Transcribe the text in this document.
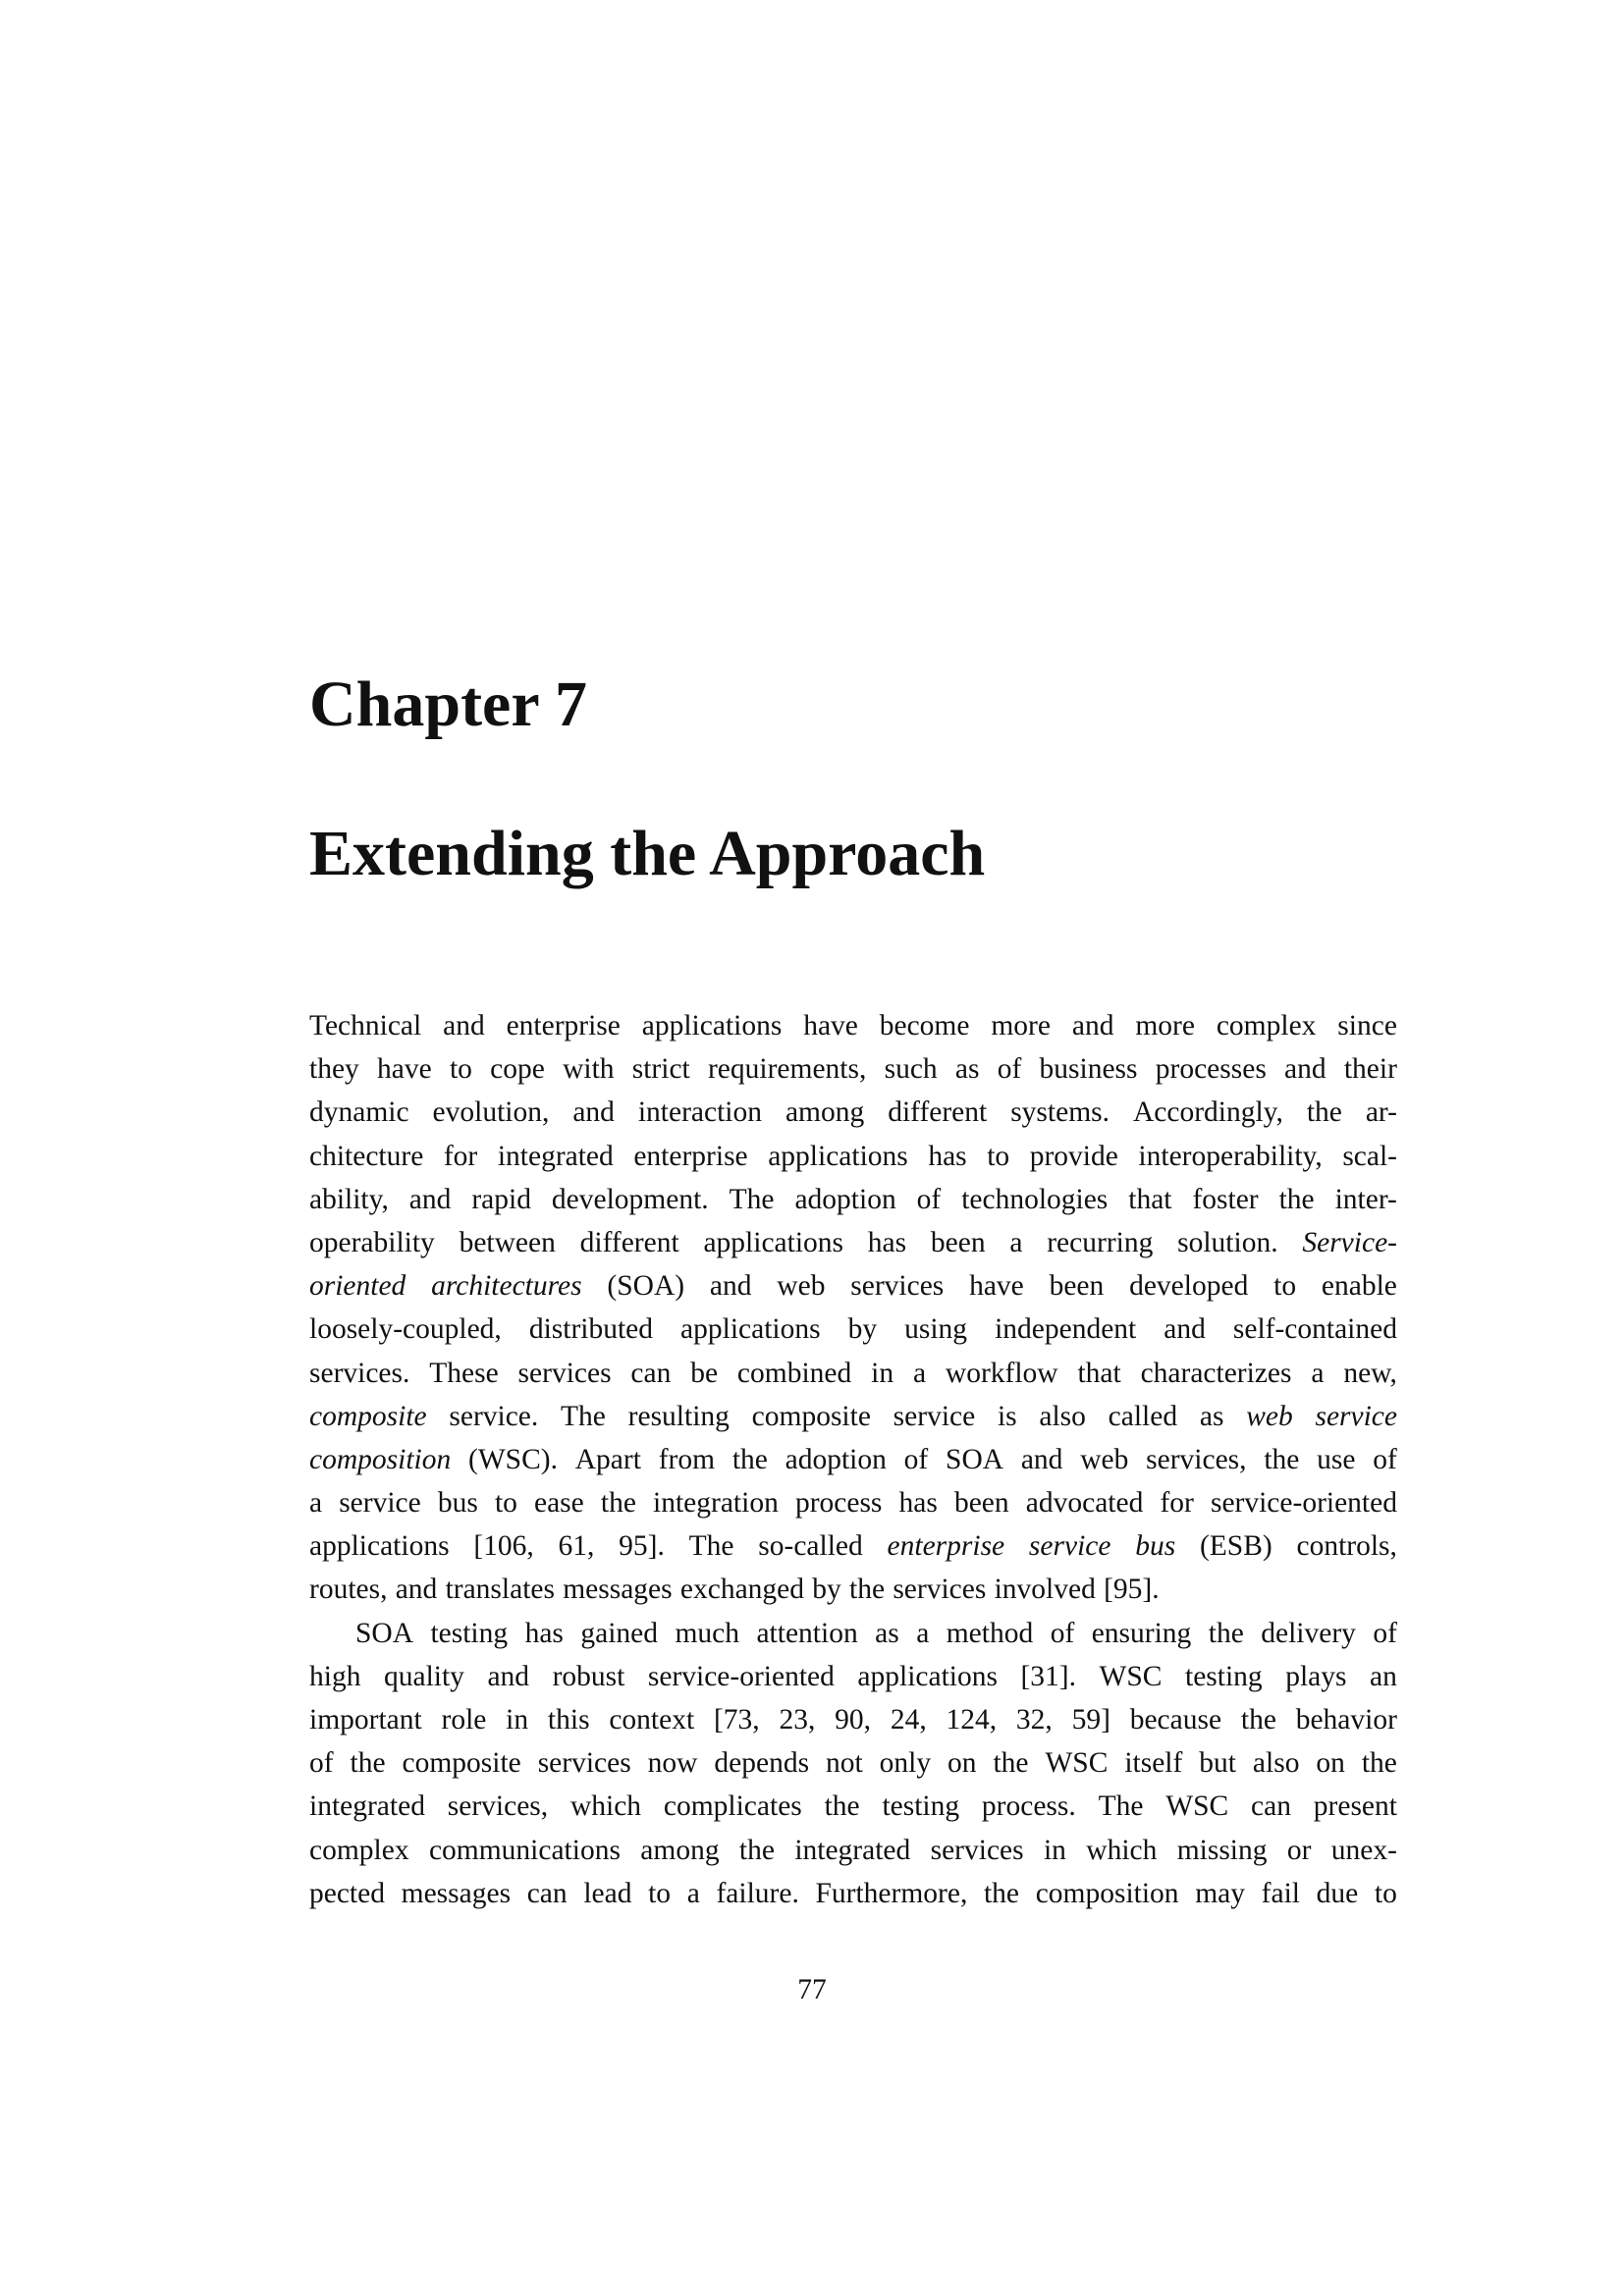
Chapter 7
Extending the Approach
Technical and enterprise applications have become more and more complex since
they have to cope with strict requirements, such as of business processes and their
dynamic evolution, and interaction among different systems. Accordingly, the ar-
chitecture for integrated enterprise applications has to provide interoperability, scal-
ability, and rapid development. The adoption of technologies that foster the inter-
operability between different applications has been a recurring solution. Service-
oriented architectures (SOA) and web services have been developed to enable
loosely-coupled, distributed applications by using independent and self-contained
services. These services can be combined in a workflow that characterizes a new,
composite service. The resulting composite service is also called as web service
composition (WSC). Apart from the adoption of SOA and web services, the use of
a service bus to ease the integration process has been advocated for service-oriented
applications [106, 61, 95]. The so-called enterprise service bus (ESB) controls,
routes, and translates messages exchanged by the services involved [95].
SOA testing has gained much attention as a method of ensuring the delivery of
high quality and robust service-oriented applications [31]. WSC testing plays an
important role in this context [73, 23, 90, 24, 124, 32, 59] because the behavior
of the composite services now depends not only on the WSC itself but also on the
integrated services, which complicates the testing process. The WSC can present
complex communications among the integrated services in which missing or unex-
pected messages can lead to a failure. Furthermore, the composition may fail due to
77
